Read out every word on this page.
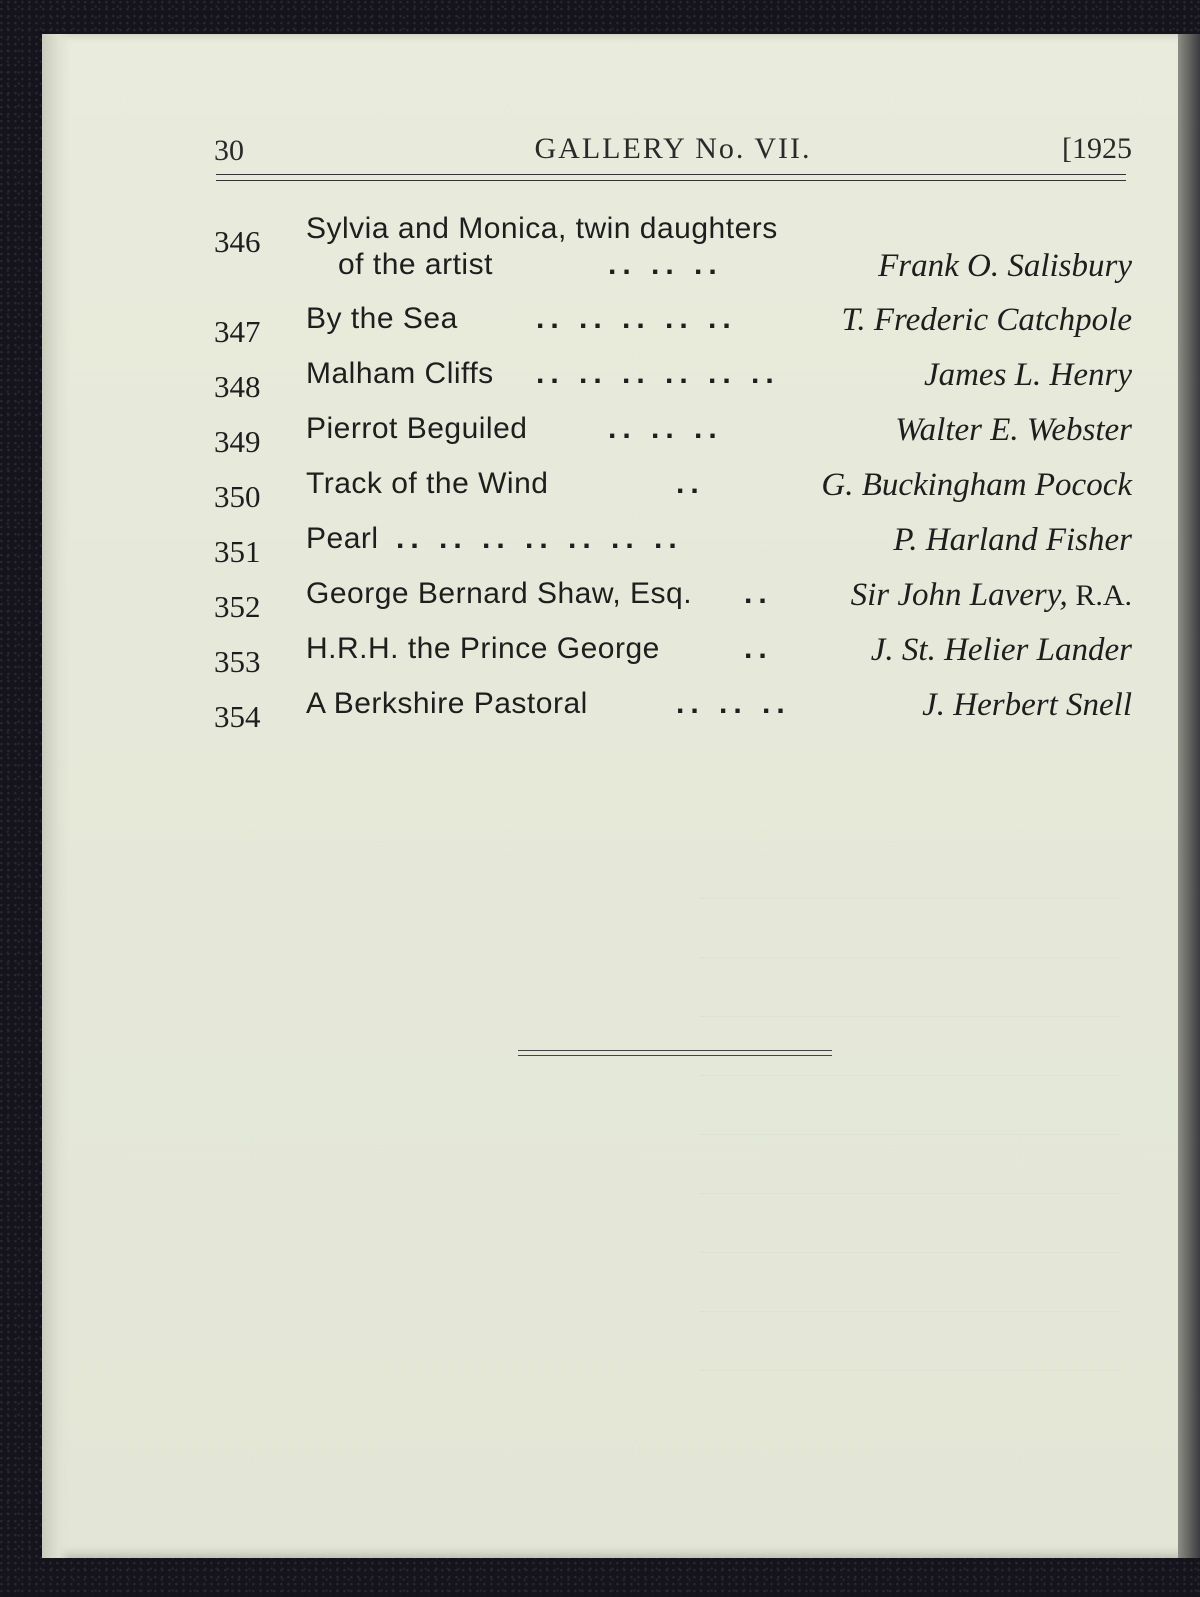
30	GALLERY No. VII.	[1925
346 Sylvia and Monica, twin daughters
of the artist	.. .. ..	Frank O. Salisbury
347 By the Sea	.. .. .. .. ..	T. Frederic Catchpole
348 Malham Cliffs .. .. .. .. .. ..	James L. Henry
349 Pierrot Beguiled	.. .. ..	Walter E. Webster
350 Track of the Wind	..	G. Buckingham Pocock
351 Pearl .. .. .. .. .. .. ..	P. Harland Fisher
352 George Bernard Shaw, Esq. .. Sir John Lavery, R.A.
353 H.R.H. the Prince George	..	J. St. Helier Lander
354 A Berkshire Pastoral	.. .. ..	J. Herbert Snell
